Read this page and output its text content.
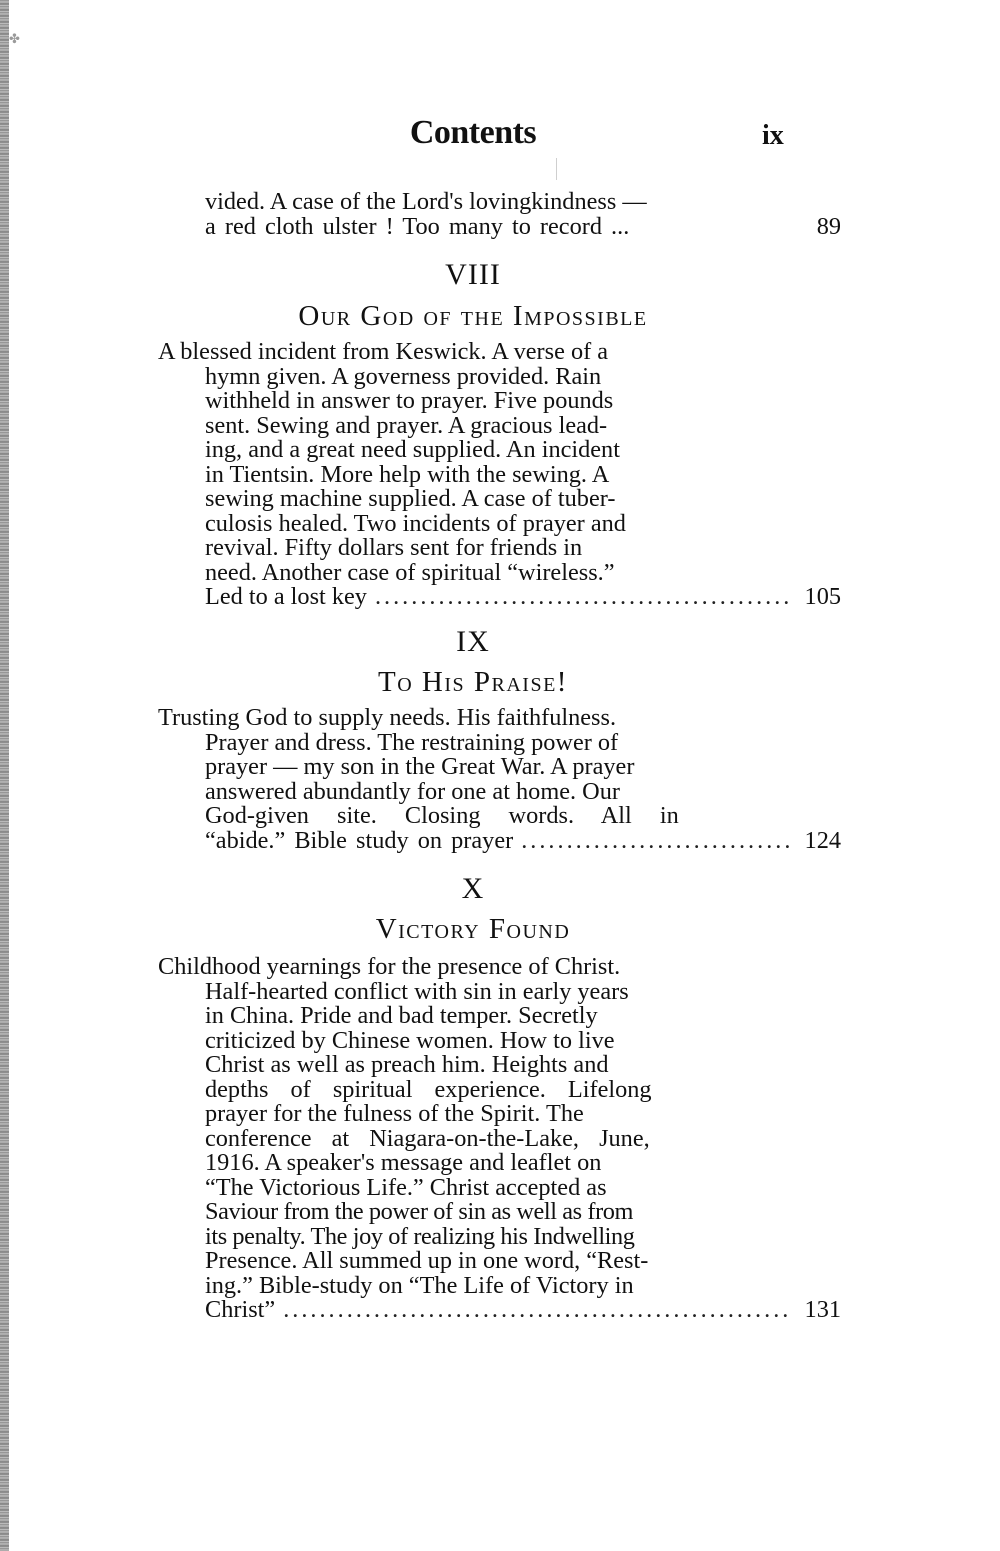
✤
Contents	ix
vided. A case of the Lord's lovingkindness —
a red cloth ulster ! Too many to record ...	89
VIII
Our God of the Impossible
A blessed incident from Keswick. A verse of a
hymn given. A governess provided. Rain
withheld in answer to prayer. Five pounds
sent. Sewing and prayer. A gracious lead-
ing, and a great need supplied. An incident
in Tientsin. More help with the sewing. A
sewing machine supplied. A case of tuber-
culosis healed. Two incidents of prayer and
revival. Fifty dollars sent for friends in
need. Another case of spiritual “wireless.”
Led to a lost key .....	105
IX
To His Praise!
Trusting God to supply needs. His faithfulness.
Prayer and dress. The restraining power of
prayer — my son in the Great War. A prayer
answered abundantly for one at home. Our
God-given site. Closing words. All in
“abide.” Bible study on prayer .....	124
X
Victory Found
Childhood yearnings for the presence of Christ.
Half-hearted conflict with sin in early years
in China. Pride and bad temper. Secretly
criticized by Chinese women. How to live
Christ as well as preach him. Heights and
depths of spiritual experience. Lifelong
prayer for the fulness of the Spirit. The
conference at Niagara-on-the-Lake, June,
1916. A speaker's message and leaflet on
“The Victorious Life.” Christ accepted as
Saviour from the power of sin as well as from
its penalty. The joy of realizing his Indwelling
Presence. All summed up in one word, “Rest-
ing.” Bible-study on “The Life of Victory in
Christ” .....	131
